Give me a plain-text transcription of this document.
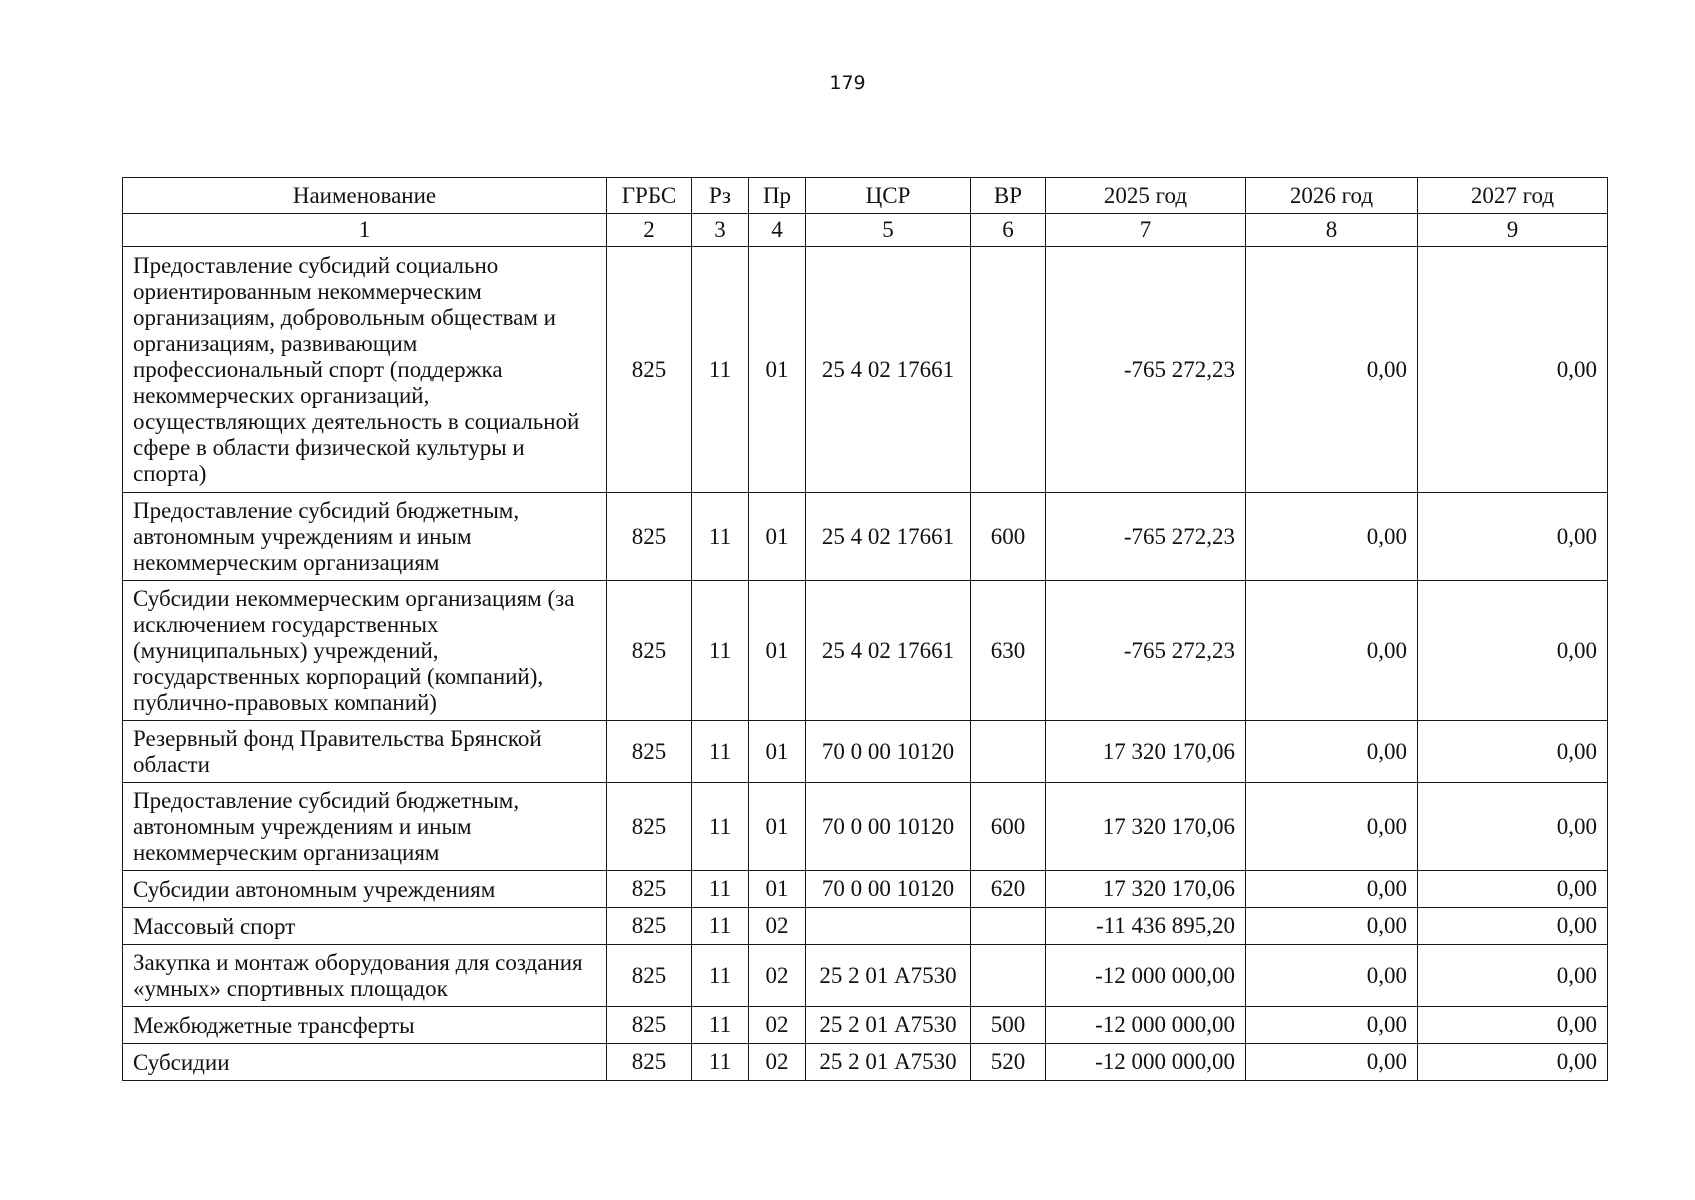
179
Наименование	ГРБС	Рз	Пр	ЦСР	ВР	2025 год	2026 год	2027 год
1	2	3	4	5	6	7	8	9
Предоставление субсидий социально ориентированным некоммерческим организациям, добровольным обществам и организациям, развивающим профессиональный спорт (поддержка некоммерческих организаций, осуществляющих деятельность в социальной сфере в области физической культуры и спорта)	825	11	01	25 4 02 17661		-765 272,23	0,00	0,00
Предоставление субсидий бюджетным, автономным учреждениям и иным некоммерческим организациям	825	11	01	25 4 02 17661	600	-765 272,23	0,00	0,00
Субсидии некоммерческим организациям (за исключением государственных (муниципальных) учреждений, государственных корпораций (компаний), публично-правовых компаний)	825	11	01	25 4 02 17661	630	-765 272,23	0,00	0,00
Резервный фонд Правительства Брянской области	825	11	01	70 0 00 10120		17 320 170,06	0,00	0,00
Предоставление субсидий бюджетным, автономным учреждениям и иным некоммерческим организациям	825	11	01	70 0 00 10120	600	17 320 170,06	0,00	0,00
Субсидии автономным учреждениям	825	11	01	70 0 00 10120	620	17 320 170,06	0,00	0,00
Массовый спорт	825	11	02			-11 436 895,20	0,00	0,00
Закупка и монтаж оборудования для создания «умных» спортивных площадок	825	11	02	25 2 01 А7530		-12 000 000,00	0,00	0,00
Межбюджетные трансферты	825	11	02	25 2 01 А7530	500	-12 000 000,00	0,00	0,00
Субсидии	825	11	02	25 2 01 А7530	520	-12 000 000,00	0,00	0,00
